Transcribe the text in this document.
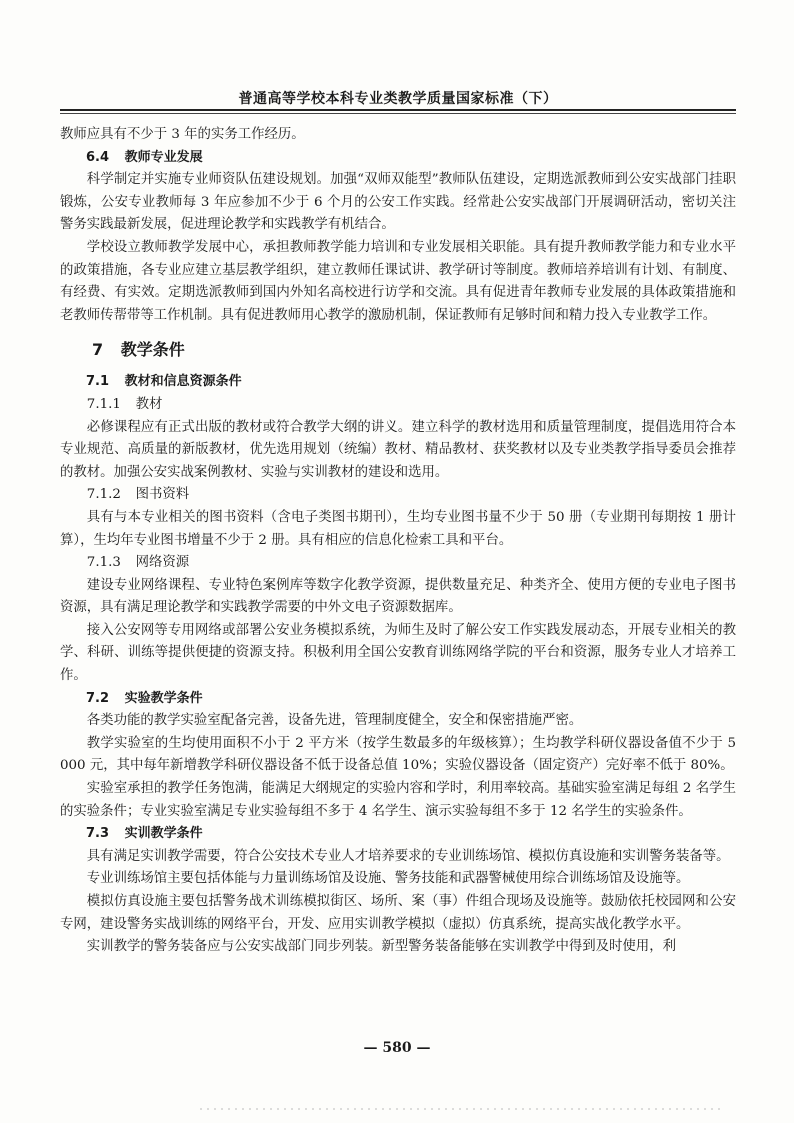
普通高等学校本科专业类教学质量国家标准（下）

教师应具有不少于 3 年的实务工作经历。

6.4 教师专业发展

科学制定并实施专业师资队伍建设规划。加强“双师双能型”教师队伍建设，定期选派教师到公安实战部门挂职锻炼，公安专业教师每 3 年应参加不少于 6 个月的公安工作实践。经常赴公安实战部门开展调研活动，密切关注警务实践最新发展，促进理论教学和实践教学有机结合。

学校设立教师教学发展中心，承担教师教学能力培训和专业发展相关职能。具有提升教师教学能力和专业水平的政策措施，各专业应建立基层教学组织，建立教师任课试讲、教学研讨等制度。教师培养培训有计划、有制度、有经费、有实效。定期选派教师到国内外知名高校进行访学和交流。具有促进青年教师专业发展的具体政策措施和老教师传帮带等工作机制。具有促进教师用心教学的激励机制，保证教师有足够时间和精力投入专业教学工作。

7 教学条件
7.1 教材和信息资源条件
7.1.1 教材

必修课程应有正式出版的教材或符合教学大纲的讲义。建立科学的教材选用和质量管理制度，提倡选用符合本专业规范、高质量的新版教材，优先选用规划（统编）教材、精品教材、获奖教材以及专业类教学指导委员会推荐的教材。加强公安实战案例教材、实验与实训教材的建设和选用。

7.1.2 图书资料

具有与本专业相关的图书资料（含电子类图书期刊），生均专业图书量不少于 50 册（专业期刊每期按 1 册计算），生均年专业图书增量不少于 2 册。具有相应的信息化检索工具和平台。

7.1.3 网络资源

建设专业网络课程、专业特色案例库等数字化教学资源，提供数量充足、种类齐全、使用方便的专业电子图书资源，具有满足理论教学和实践教学需要的中外文电子资源数据库。

接入公安网等专用网络或部署公安业务模拟系统，为师生及时了解公安工作实践发展动态，开展专业相关的教学、科研、训练等提供便捷的资源支持。积极利用全国公安教育训练网络学院的平台和资源，服务专业人才培养工作。

7.2 实验教学条件

各类功能的教学实验室配备完善，设备先进，管理制度健全，安全和保密措施严密。

教学实验室的生均使用面积不小于 2 平方米（按学生数最多的年级核算）；生均教学科研仪器设备值不少于 5 000 元，其中每年新增教学科研仪器设备不低于设备总值 10%；实验仪器设备（固定资产）完好率不低于 80%。

实验室承担的教学任务饱满，能满足大纲规定的实验内容和学时，利用率较高。基础实验室满足每组 2 名学生的实验条件；专业实验室满足专业实验每组不多于 4 名学生、演示实验每组不多于 12 名学生的实验条件。

7.3 实训教学条件

具有满足实训教学需要，符合公安技术专业人才培养要求的专业训练场馆、模拟仿真设施和实训警务装备等。

专业训练场馆主要包括体能与力量训练场馆及设施、警务技能和武器警械使用综合训练场馆及设施等。

模拟仿真设施主要包括警务战术训练模拟街区、场所、案（事）件组合现场及设施等。鼓励依托校园网和公安专网，建设警务实战训练的网络平台，开发、应用实训教学模拟（虚拟）仿真系统，提高实战化教学水平。

实训教学的警务装备应与公安实战部门同步列装。新型警务装备能够在实训教学中得到及时使用，利

— 580 —
